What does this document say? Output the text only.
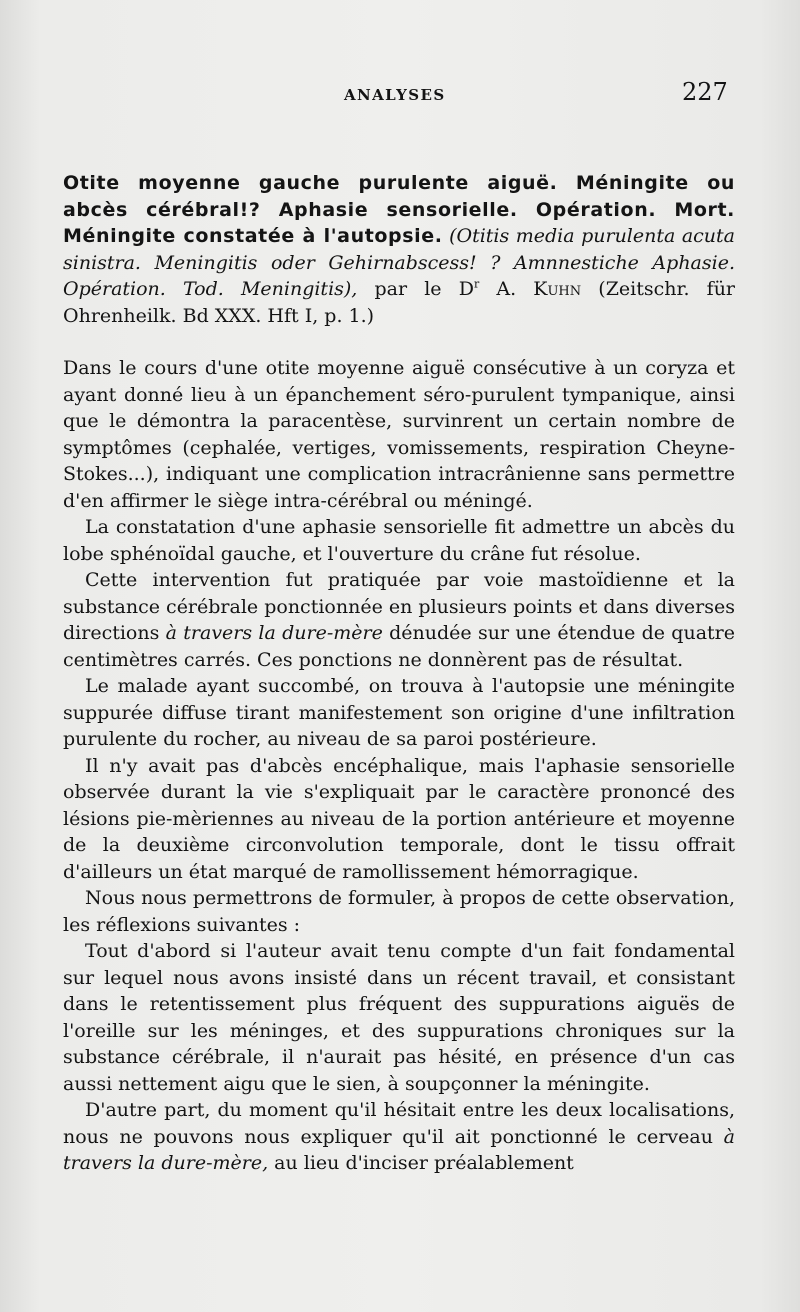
ANALYSES	227

Otite moyenne gauche purulente aiguë. Méningite ou abcès cérébral!? Aphasie sensorielle. Opération. Mort. Méningite constatée à l'autopsie. (Otitis media purulenta acuta sinistra. Meningitis oder Gehirnabscess! ? Amnnestiche Aphasie. Opération. Tod. Meningitis), par le $D^r$ A. Kuhn (Zeitschr. für Ohrenheilk. Bd XXX. Hft I, p. 1.)

Dans le cours d'une otite moyenne aiguë consécutive à un coryza et ayant donné lieu à un épanchement séro-purulent tympanique, ainsi que le démontra la paracentèse, survinrent un certain nombre de symptômes (cephalée, vertiges, vomissements, respiration Cheyne-Stokes...), indiquant une complication intracrânienne sans permettre d'en affirmer le siège intra-cérébral ou méningé.

La constatation d'une aphasie sensorielle fit admettre un abcès du lobe sphénoïdal gauche, et l'ouverture du crâne fut résolue.

Cette intervention fut pratiquée par voie mastoïdienne et la substance cérébrale ponctionnée en plusieurs points et dans diverses directions à travers la dure-mère dénudée sur une étendue de quatre centimètres carrés. Ces ponctions ne donnèrent pas de résultat.

Le malade ayant succombé, on trouva à l'autopsie une méningite suppurée diffuse tirant manifestement son origine d'une infiltration purulente du rocher, au niveau de sa paroi postérieure.

Il n'y avait pas d'abcès encéphalique, mais l'aphasie sensorielle observée durant la vie s'expliquait par le caractère prononcé des lésions pie-mèriennes au niveau de la portion antérieure et moyenne de la deuxième circonvolution temporale, dont le tissu offrait d'ailleurs un état marqué de ramollissement hémorragique.

Nous nous permettrons de formuler, à propos de cette observation, les réflexions suivantes :

Tout d'abord si l'auteur avait tenu compte d'un fait fondamental sur lequel nous avons insisté dans un récent travail, et consistant dans le retentissement plus fréquent des suppurations aiguës de l'oreille sur les méninges, et des suppurations chroniques sur la substance cérébrale, il n'aurait pas hésité, en présence d'un cas aussi nettement aigu que le sien, à soupçonner la méningite.

D'autre part, du moment qu'il hésitait entre les deux localisations, nous ne pouvons nous expliquer qu'il ait ponctionné le cerveau à travers la dure-mère, au lieu d'inciser préalablement
